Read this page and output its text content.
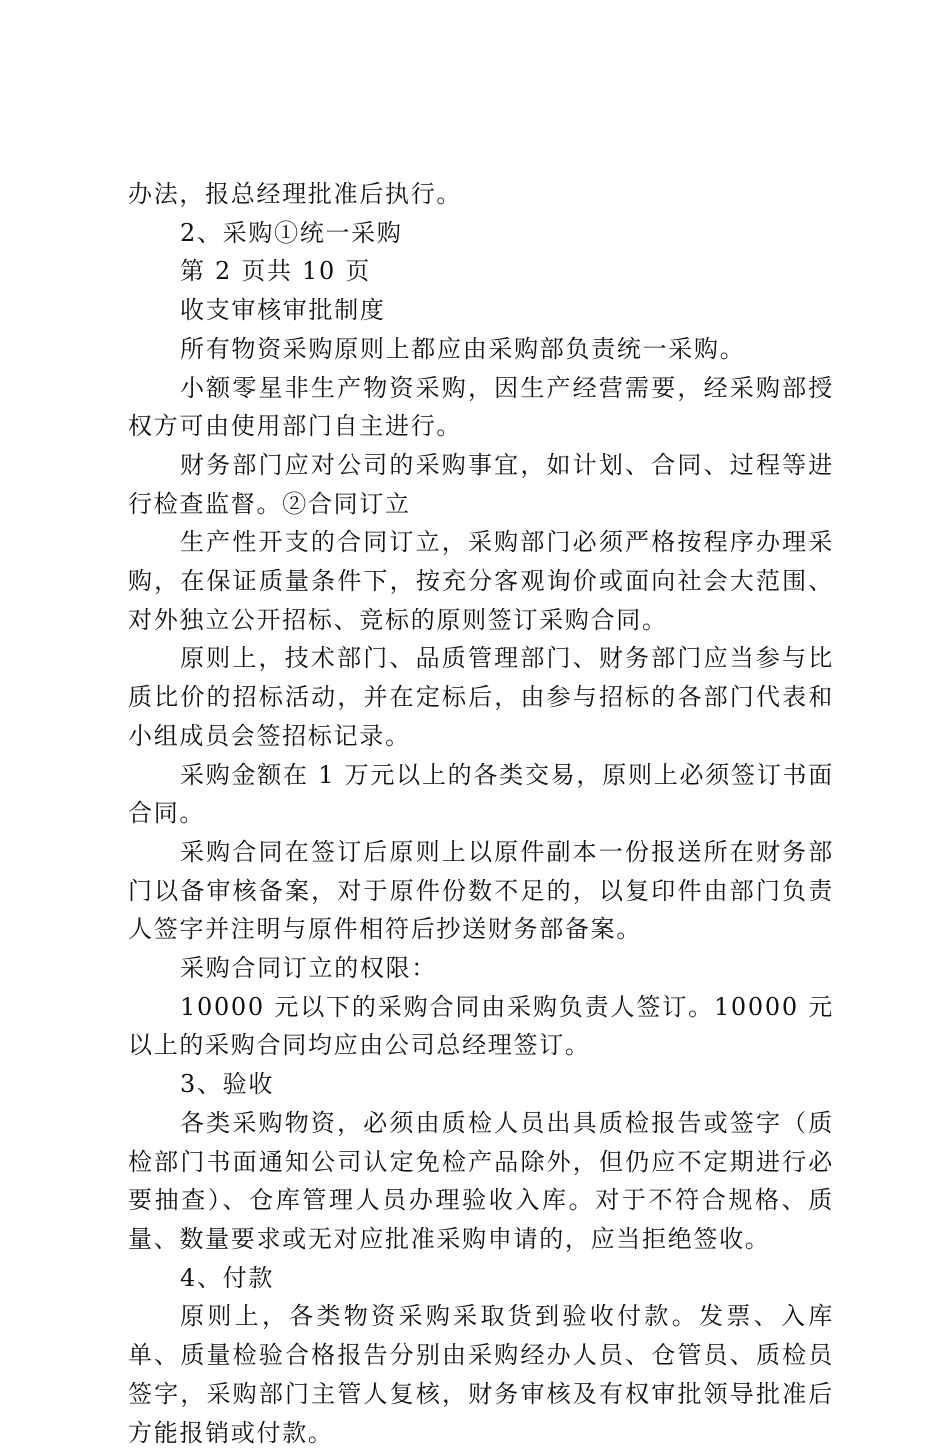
办法，报总经理批准后执行。

2、采购①统一采购

第 2 页共 10 页

收支审核审批制度

所有物资采购原则上都应由采购部负责统一采购。

小额零星非生产物资采购，因生产经营需要，经采购部授权方可由使用部门自主进行。

财务部门应对公司的采购事宜，如计划、合同、过程等进行检查监督。②合同订立

生产性开支的合同订立，采购部门必须严格按程序办理采购，在保证质量条件下，按充分客观询价或面向社会大范围、对外独立公开招标、竞标的原则签订采购合同。

原则上，技术部门、品质管理部门、财务部门应当参与比质比价的招标活动，并在定标后，由参与招标的各部门代表和小组成员会签招标记录。

采购金额在 1 万元以上的各类交易，原则上必须签订书面合同。

采购合同在签订后原则上以原件副本一份报送所在财务部门以备审核备案，对于原件份数不足的，以复印件由部门负责人签字并注明与原件相符后抄送财务部备案。

采购合同订立的权限：

10000 元以下的采购合同由采购负责人签订。10000 元以上的采购合同均应由公司总经理签订。

3、验收

各类采购物资，必须由质检人员出具质检报告或签字（质检部门书面通知公司认定免检产品除外，但仍应不定期进行必要抽查）、仓库管理人员办理验收入库。对于不符合规格、质量、数量要求或无对应批准采购申请的，应当拒绝签收。

4、付款

原则上，各类物资采购采取货到验收付款。发票、入库单、质量检验合格报告分别由采购经办人员、仓管员、质检员签字，采购部门主管人复核，财务审核及有权审批领导批准后方能报销或付款。
